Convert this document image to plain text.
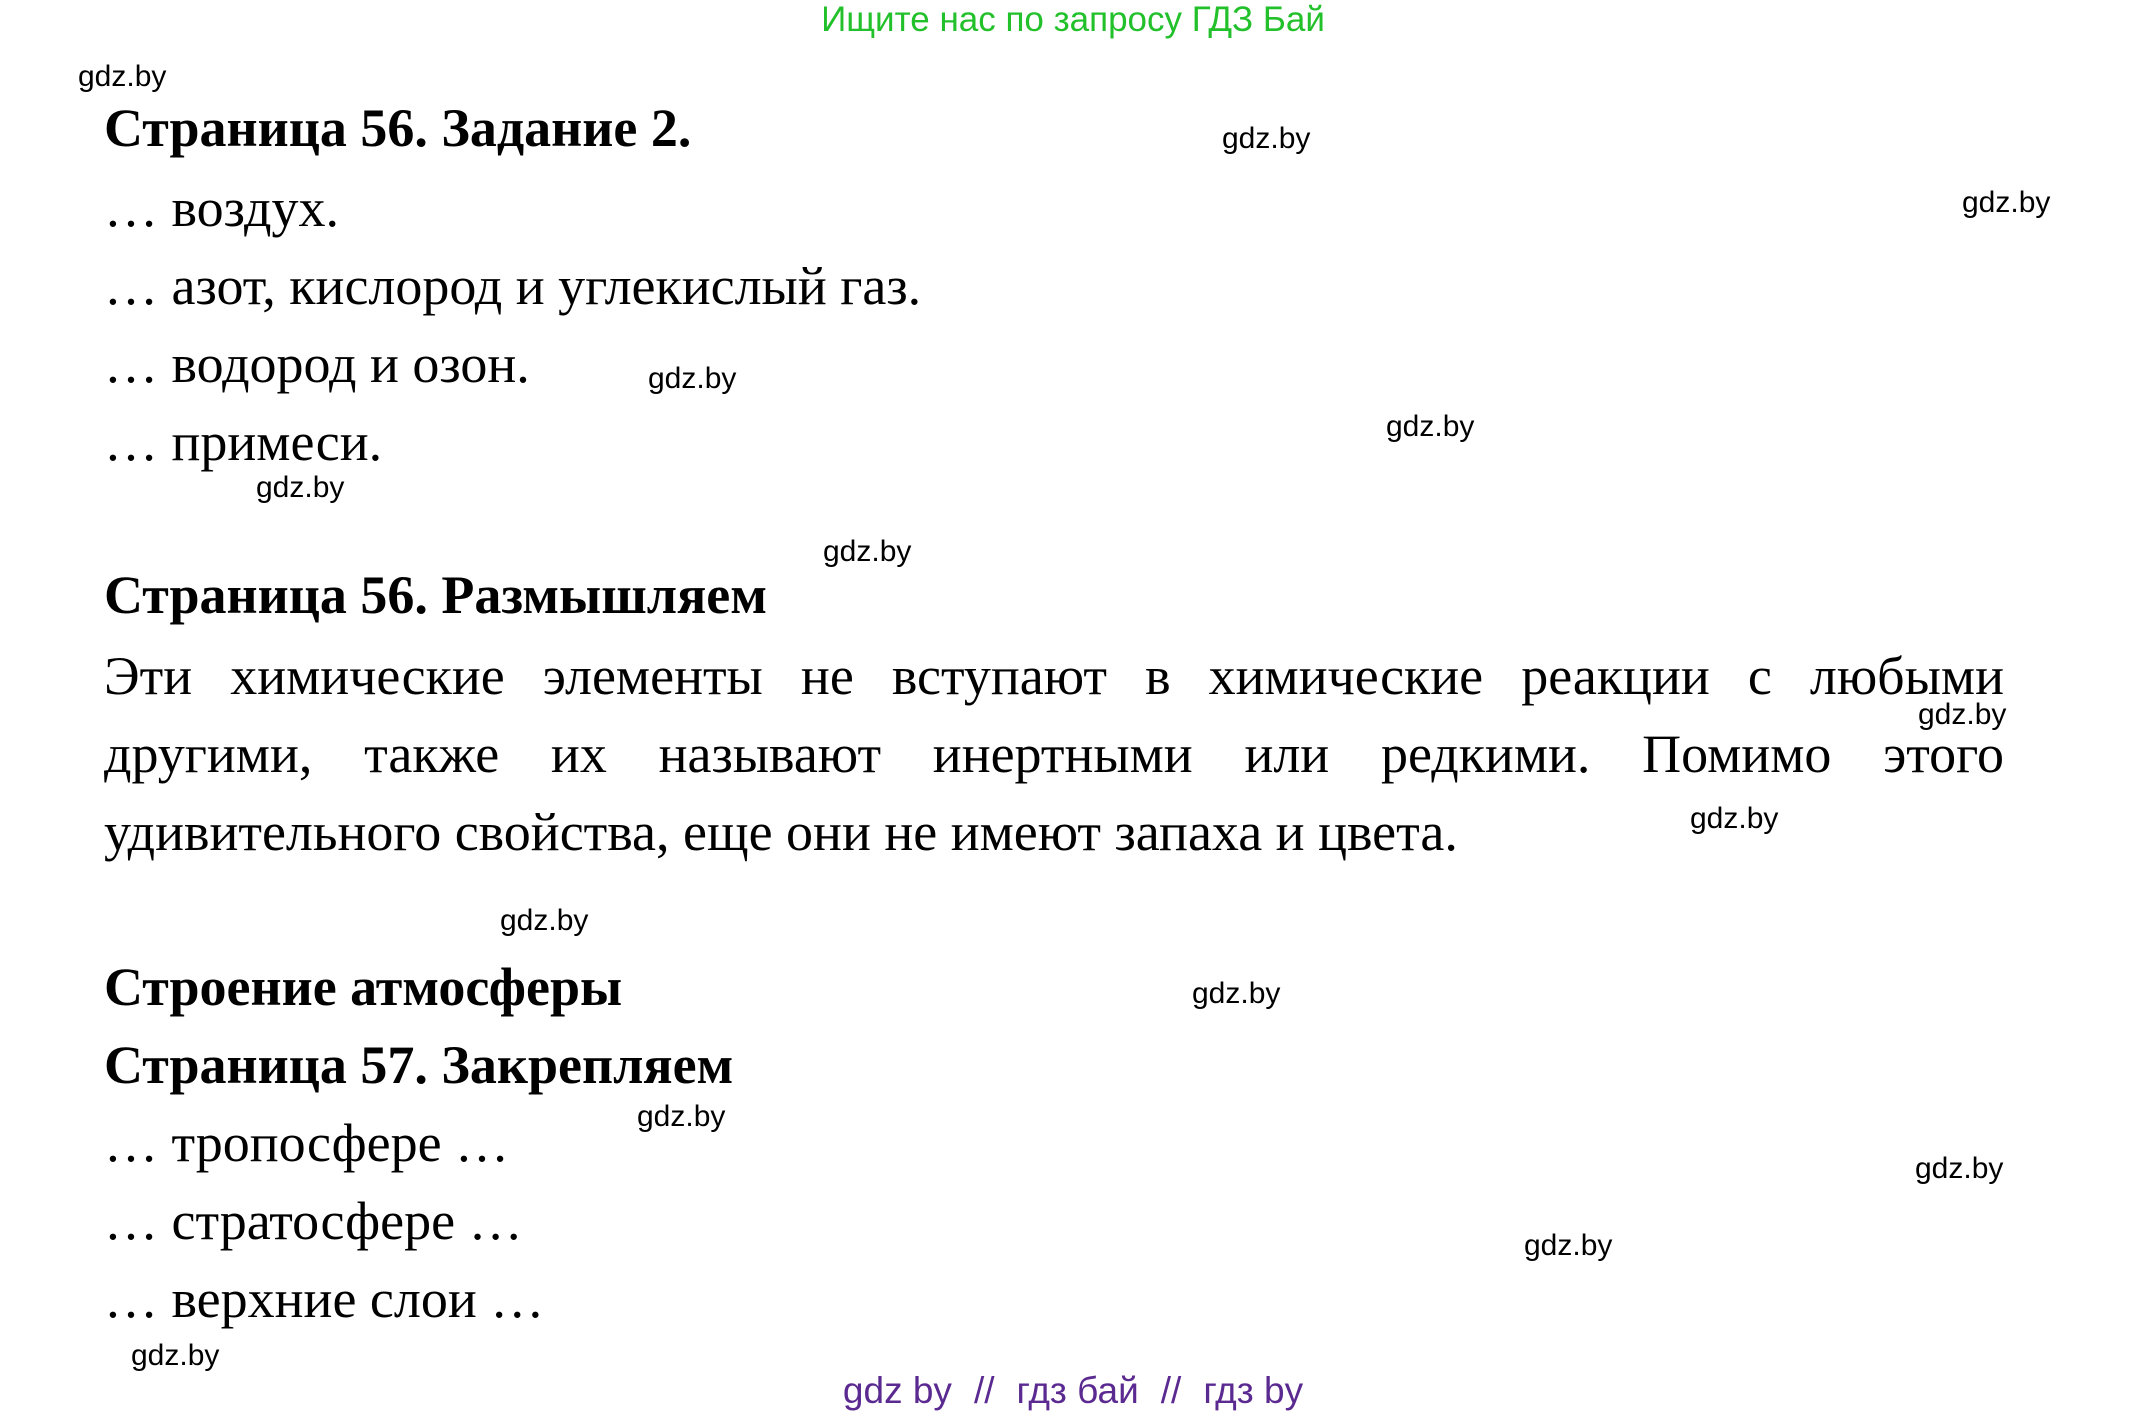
Ищите нас по запросу ГДЗ Бай
Страница 56. Задание 2.
… воздух.
… азот, кислород и углекислый газ.
… водород и озон.
… примеси.
Страница 56. Размышляем
Эти химические элементы не вступают в химические реакции с любыми другими, также их называют инертными или редкими. Помимо этого удивительного свойства, еще они не имеют запаха и цвета.
Строение атмосферы
Страница 57. Закрепляем
… тропосфере …
… стратосфере …
… верхние слои …
gdz.by
gdz.by
gdz.by
gdz.by
gdz.by
gdz.by
gdz.by
gdz.by
gdz.by
gdz.by
gdz.by
gdz.by
gdz.by
gdz.by
gdz.by
gdz by // гдз бай // гдз by
